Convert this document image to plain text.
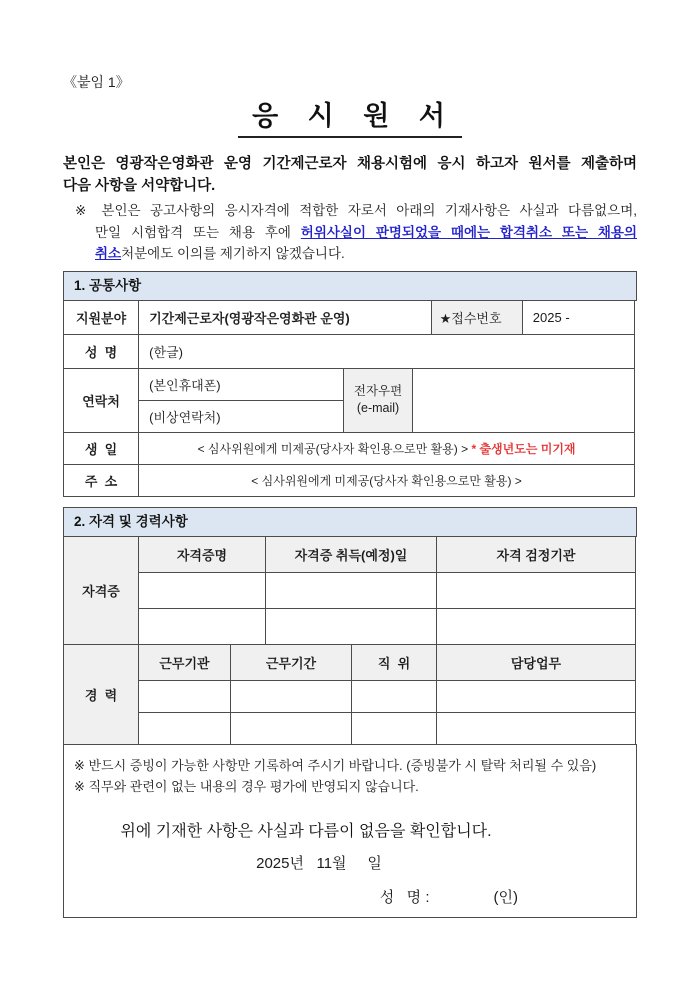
《붙임 1》
응 시 원 서
본인은 영광작은영화관 운영 기간제근로자 채용시험에 응시 하고자 원서를 제출하며
다음 사항을 서약합니다.
※ 본인은 공고사항의 응시자격에 적합한 자로서 아래의 기재사항은 사실과 다름없으며,
만일 시험합격 또는 채용 후에 허위사실이 판명되었을 때에는 합격취소 또는 채용의
취소처분에도 이의를 제기하지 않겠습니다.
1. 공통사항
지원분야	기간제근로자(영광작은영화관 운영)			★접수번호	2025 -
성  명	(한글)				
연락처	(본인휴대폰)	전자우편
(e-mail)			

	(비상연락처)				
생  일	< 심사위원에게 미제공(당사자 확인용으로만 활용) > * 출생년도는 미기재				
주  소	< 심사위원에게 미제공(당사자 확인용으로만 활용) >				
2. 자격 및 경력사항
자격증	자격증명	자격증 취득(예정)일	자격 검정기관

경  력	근무기관	근무기간	직  위	담당업무

※ 반드시 증빙이 가능한 사항만 기록하여 주시기 바랍니다. (증빙불가 시 탈락 처리될 수 있음)
※ 직무와 관련이 없는 내용의 경우 평가에 반영되지 않습니다.
위에 기재한 사항은 사실과 다름이 없음을 확인합니다.
2025년   11월     일
성   명 :	(인)
